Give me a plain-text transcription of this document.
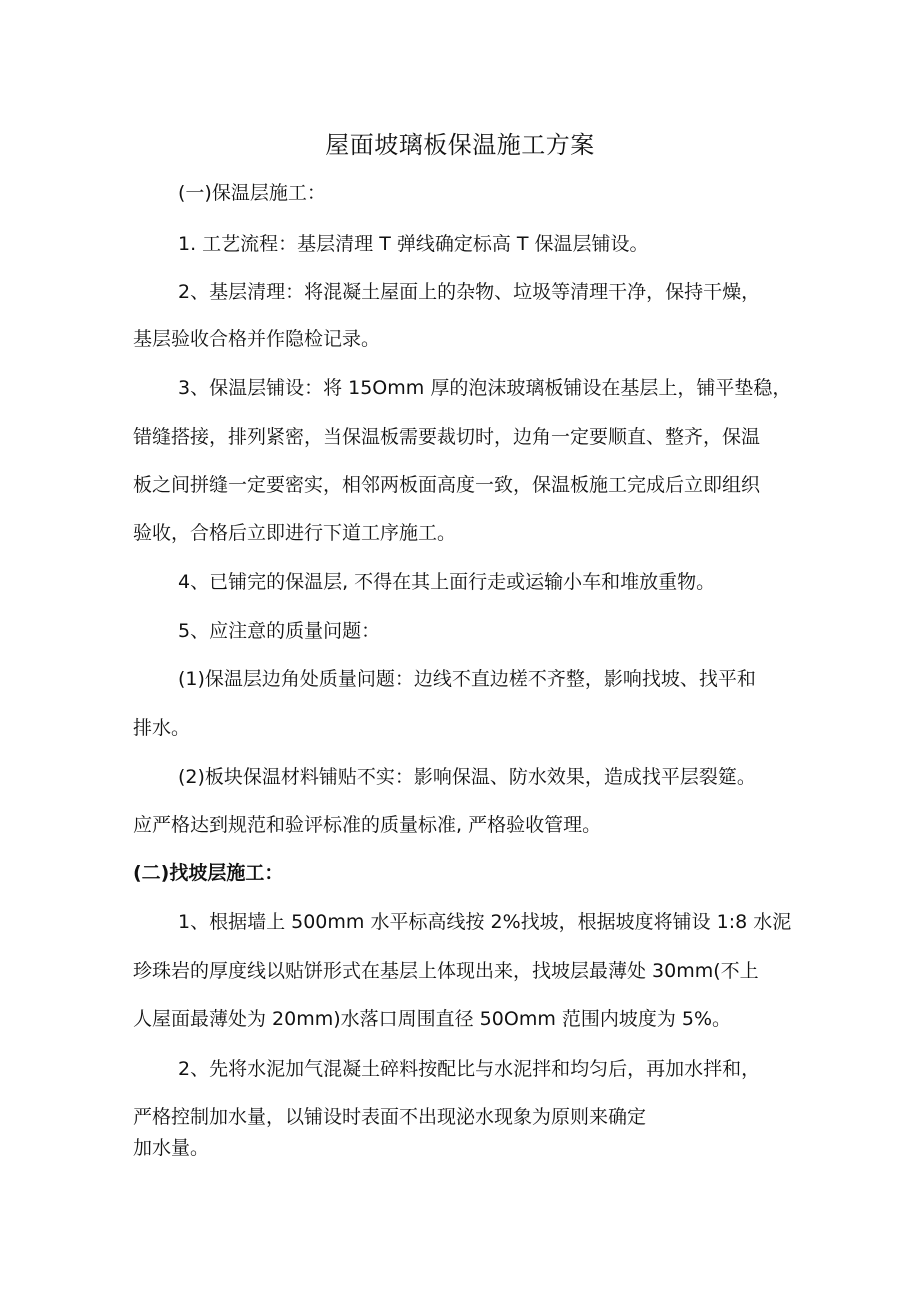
屋面坡璃板保温施工方案
(一)保温层施工：
1. 工艺流程：基层清理 T 弹线确定标高 T 保温层铺设。
2、基层清理：将混凝土屋面上的杂物、垃圾等清理干净，保持干燥，
基层验收合格并作隐检记录。
3、保温层铺设：将 15Omm 厚的泡沫玻璃板铺设在基层上，铺平垫稳，
错缝搭接，排列紧密，当保温板需要裁切时，边角一定要顺直、整齐，保温
板之间拼缝一定要密实，相邻两板面高度一致，保温板施工完成后立即组织
验收，合格后立即进行下道工序施工。
4、已铺完的保温层, 不得在其上面行走或运输小车和堆放重物。
5、应注意的质量问题：
(1)保温层边角处质量问题：边线不直边槎不齐整，影响找坡、找平和
排水。
(2)板块保温材料铺贴不实：影响保温、防水效果，造成找平层裂筵。
应严格达到规范和验评标准的质量标准, 严格验收管理。
(二)找坡层施工：
1、根据墙上 500mm 水平标高线按 2%找坡，根据坡度将铺设 1:8 水泥
珍珠岩的厚度线以贴饼形式在基层上体现出来，找坡层最薄处 30mm(不上
人屋面最薄处为 20mm)水落口周围直径 50Omm 范围内坡度为 5%。
2、先将水泥加气混凝土碎料按配比与水泥拌和均匀后，再加水拌和，
严格控制加水量，以铺设时表面不出现泌水现象为原则来确定
加水量。
